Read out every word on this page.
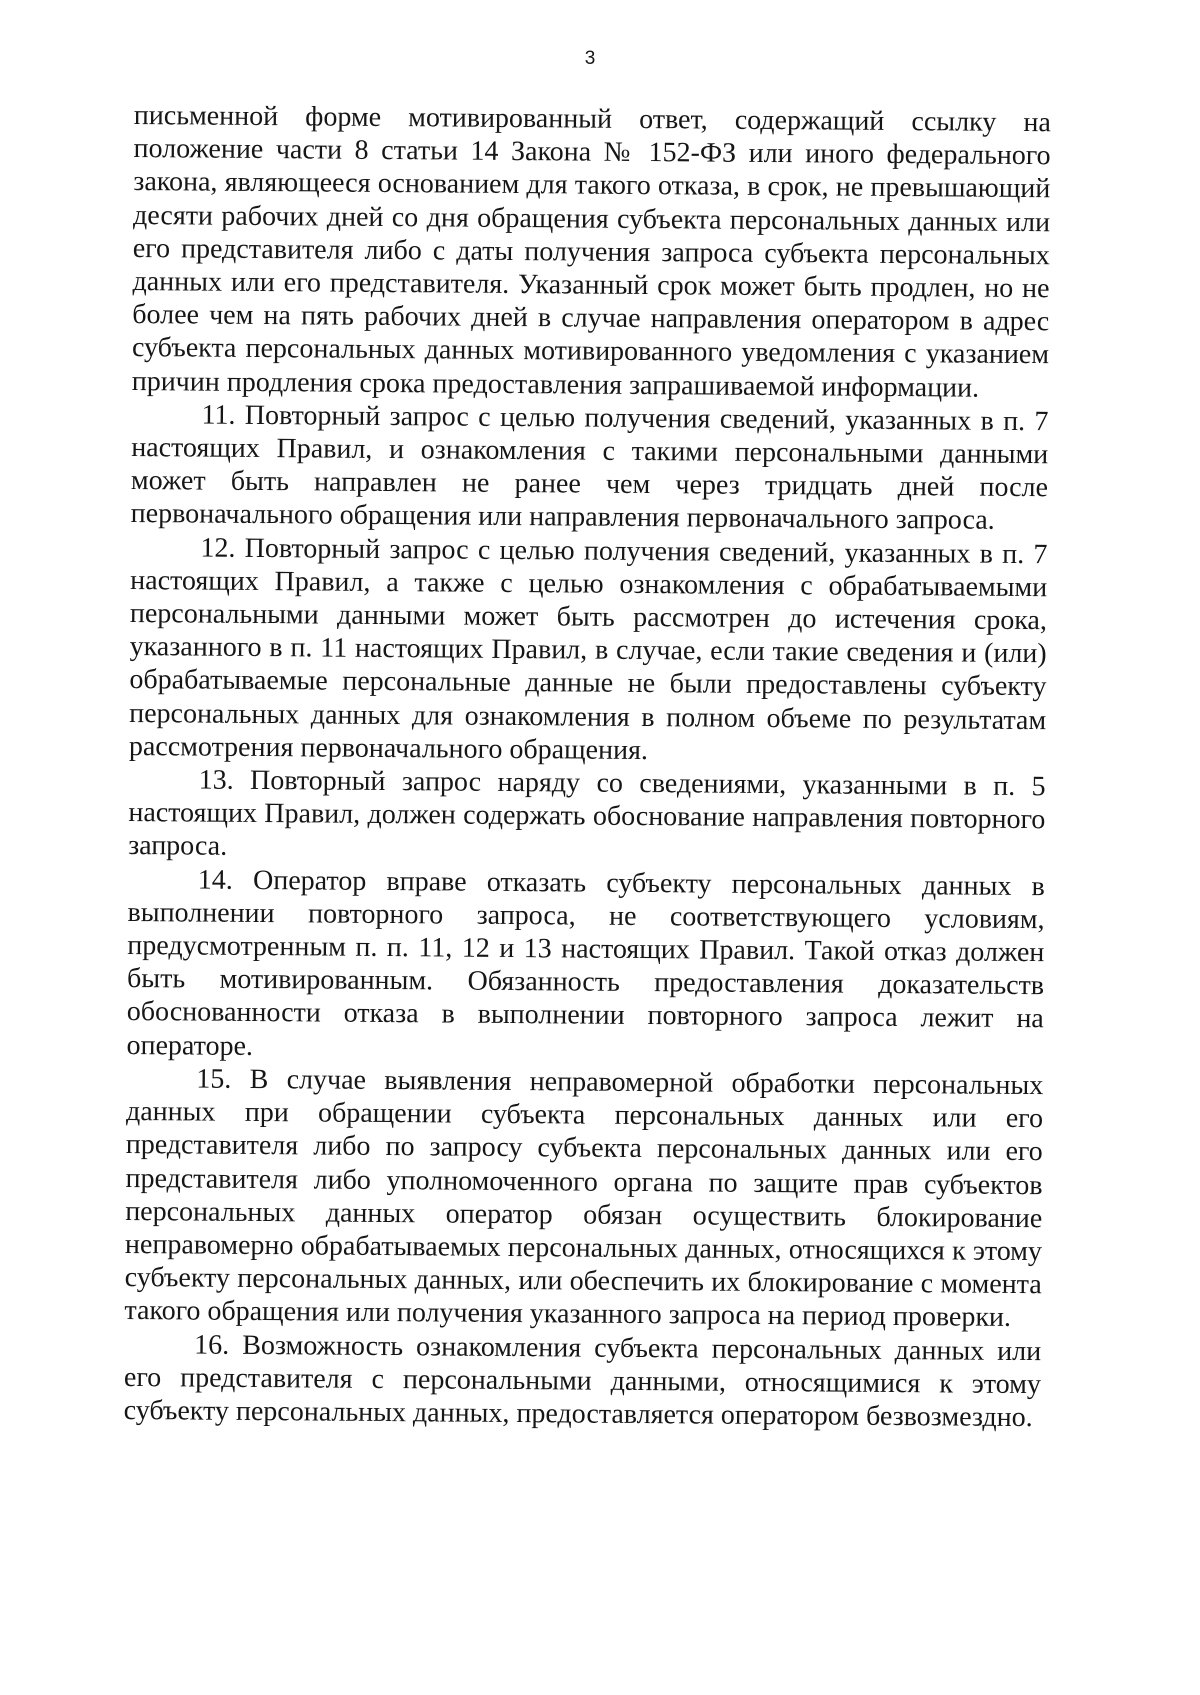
3

письменной форме мотивированный ответ, содержащий ссылку на положение части 8 статьи 14 Закона № 152-ФЗ или иного федерального закона, являющееся основанием для такого отказа, в срок, не превышающий десяти рабочих дней со дня обращения субъекта персональных данных или его представителя либо с даты получения запроса субъекта персональных данных или его представителя. Указанный срок может быть продлен, но не более чем на пять рабочих дней в случае направления оператором в адрес субъекта персональных данных мотивированного уведомления с указанием причин продления срока предоставления запрашиваемой информации.

11. Повторный запрос с целью получения сведений, указанных в п. 7 настоящих Правил, и ознакомления с такими персональными данными может быть направлен не ранее чем через тридцать дней после первоначального обращения или направления первоначального запроса.

12. Повторный запрос с целью получения сведений, указанных в п. 7 настоящих Правил, а также с целью ознакомления с обрабатываемыми персональными данными может быть рассмотрен до истечения срока, указанного в п. 11 настоящих Правил, в случае, если такие сведения и (или) обрабатываемые персональные данные не были предоставлены субъекту персональных данных для ознакомления в полном объеме по результатам рассмотрения первоначального обращения.

13. Повторный запрос наряду со сведениями, указанными в п. 5 настоящих Правил, должен содержать обоснование направления повторного запроса.

14. Оператор вправе отказать субъекту персональных данных в выполнении повторного запроса, не соответствующего условиям, предусмотренным п. п. 11, 12 и 13 настоящих Правил. Такой отказ должен быть мотивированным. Обязанность предоставления доказательств обоснованности отказа в выполнении повторного запроса лежит на операторе.

15. В случае выявления неправомерной обработки персональных данных при обращении субъекта персональных данных или его представителя либо по запросу субъекта персональных данных или его представителя либо уполномоченного органа по защите прав субъектов персональных данных оператор обязан осуществить блокирование неправомерно обрабатываемых персональных данных, относящихся к этому субъекту персональных данных, или обеспечить их блокирование с момента такого обращения или получения указанного запроса на период проверки.

16. Возможность ознакомления субъекта персональных данных или его представителя с персональными данными, относящимися к этому субъекту персональных данных, предоставляется оператором безвозмездно.
